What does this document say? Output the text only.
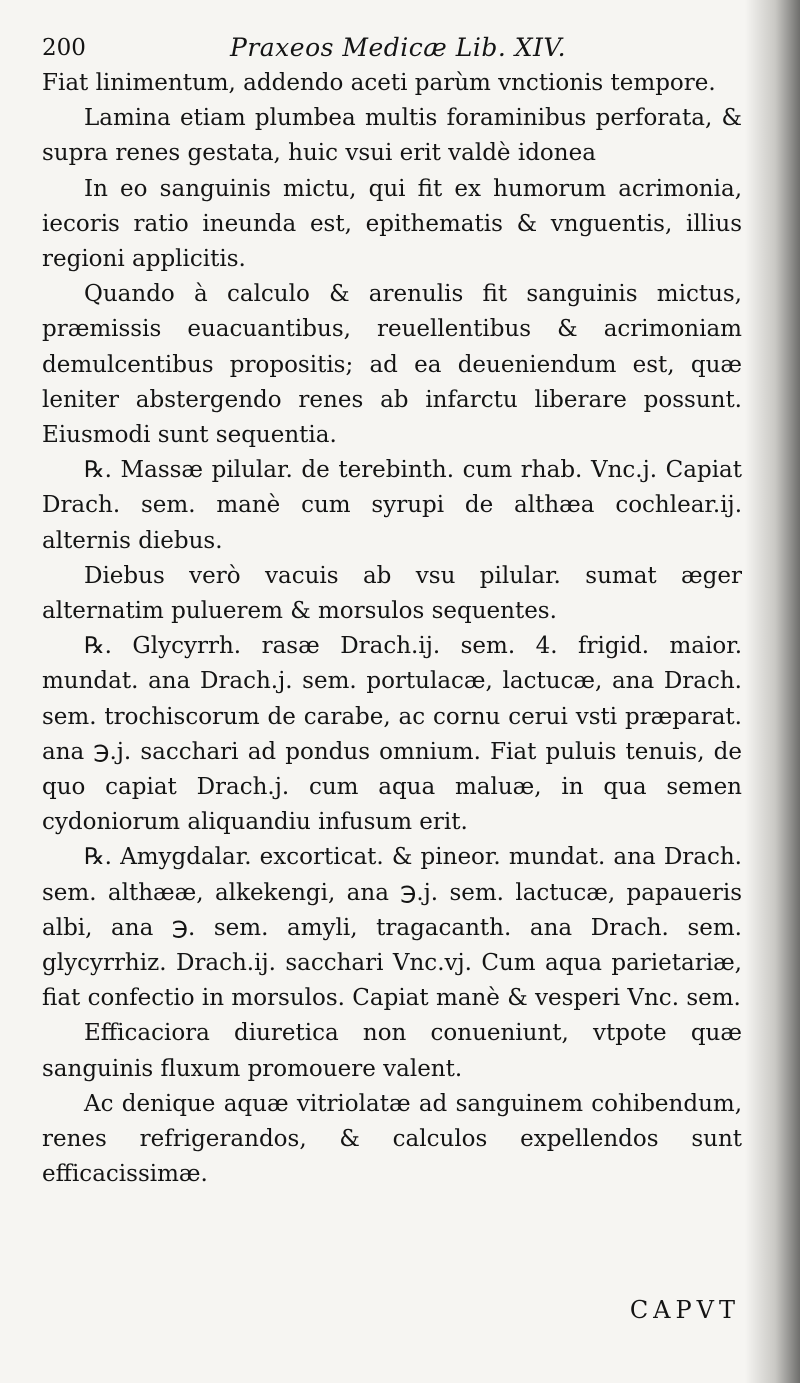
200	Praxeos Medicæ Lib. XIV.

Fiat linimentum, addendo aceti parùm vnctionis tempore.

Lamina etiam plumbea multis foraminibus perforata, & supra renes gestata, huic vsui erit valdè idonea

In eo sanguinis mictu, qui fit ex humorum acrimonia, iecoris ratio ineunda est, epithematis & vnguentis, illius regioni applicitis.

Quando à calculo & arenulis fit sanguinis mictus, præmissis euacuantibus, reuellentibus & acrimoniam demulcentibus propositis; ad ea deueniendum est, quæ leniter abstergendo renes ab infarctu liberare possunt. Eiusmodi sunt sequentia.

℞. Massæ pilular. de terebinth. cum rhab. Vnc.j. Capiat Drach. sem. manè cum syrupi de althæa cochlear.ij. alternis diebus.

Diebus verò vacuis ab vsu pilular. sumat æger alternatim puluerem & morsulos sequentes.

℞. Glycyrrh. rasæ Drach.ij. sem. 4. frigid. maior. mundat. ana Drach.j. sem. portulacæ, lactucæ, ana Drach. sem. trochiscorum de carabe, ac cornu cerui vsti præparat. ana ℈.j. sacchari ad pondus omnium. Fiat puluis tenuis, de quo capiat Drach.j. cum aqua maluæ, in qua semen cydoniorum aliquandiu infusum erit.

℞. Amygdalar. excorticat. & pineor. mundat. ana Drach. sem. althææ, alkekengi, ana ℈.j. sem. lactucæ, papaueris albi, ana ℈. sem. amyli, tragacanth. ana Drach. sem. glycyrrhiz. Drach.ij. sacchari Vnc.vj. Cum aqua parietariæ, fiat confectio in morsulos. Capiat manè & vesperi Vnc. sem.

Efficaciora diuretica non conueniunt, vtpote quæ sanguinis fluxum promouere valent.

Ac denique aquæ vitriolatæ ad sanguinem cohibendum, renes refrigerandos, & calculos expellendos sunt efficacissimæ.

CAPVT
